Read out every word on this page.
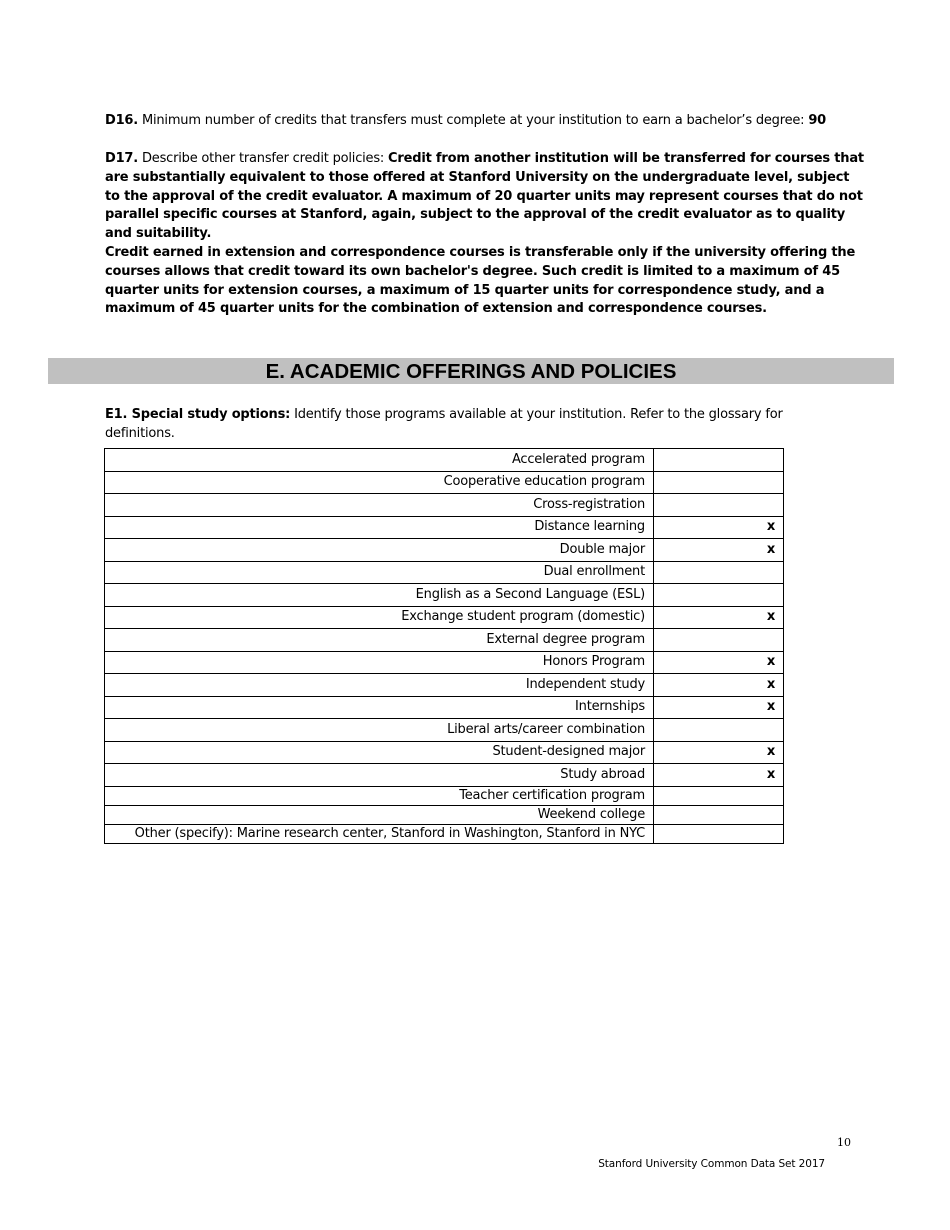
D16. Minimum number of credits that transfers must complete at your institution to earn a bachelor’s degree: 90

D17. Describe other transfer credit policies: Credit from another institution will be transferred for courses that are substantially equivalent to those offered at Stanford University on the undergraduate level, subject to the approval of the credit evaluator. A maximum of 20 quarter units may represent courses that do not parallel specific courses at Stanford, again, subject to the approval of the credit evaluator as to quality and suitability.

Credit earned in extension and correspondence courses is transferable only if the university offering the courses allows that credit toward its own bachelor's degree. Such credit is limited to a maximum of 45 quarter units for extension courses, a maximum of 15 quarter units for correspondence study, and a maximum of 45 quarter units for the combination of extension and correspondence courses.

E. ACADEMIC OFFERINGS AND POLICIES

E1. Special study options: Identify those programs available at your institution. Refer to the glossary for definitions.

Accelerated program	
Cooperative education program	
Cross-registration	
Distance learning	x
Double major	x
Dual enrollment	
English as a Second Language (ESL)	
Exchange student program (domestic)	x
External degree program	
Honors Program	x
Independent study	x
Internships	x
Liberal arts/career combination	
Student-designed major	x
Study abroad	x
Teacher certification program	
Weekend college	
Other (specify): Marine research center, Stanford in Washington, Stanford in NYC	
10
Stanford University Common Data Set 2017
